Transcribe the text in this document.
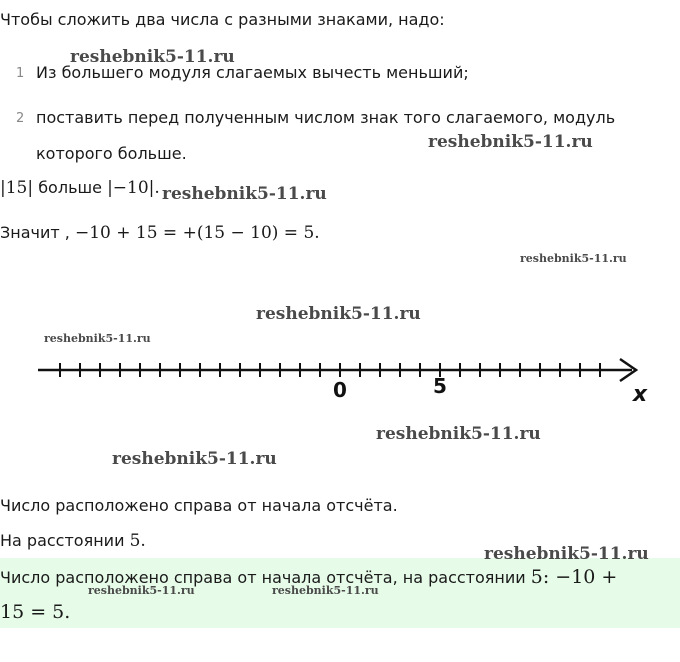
Чтобы сложить два числа с разными знаками, надо:
1 Из большего модуля слагаемых вычесть меньший;
2 поставить перед полученным числом знак того слагаемого, модуль
которого больше.
|15| больше |−10|.
Значит , −10 + 15 = +(15 − 10) = 5.
0	5	x
Число расположено справа от начала отсчёта.
На расстоянии 5.
Число расположено справа от начала отсчёта, на расстоянии 5: −10 +
15 = 5.
reshebnik5-11.ru
reshebnik5-11.ru
reshebnik5-11.ru
reshebnik5-11.ru
reshebnik5-11.ru
reshebnik5-11.ru
reshebnik5-11.ru
reshebnik5-11.ru
reshebnik5-11.ru
reshebnik5-11.ru	reshebnik5-11.ru
